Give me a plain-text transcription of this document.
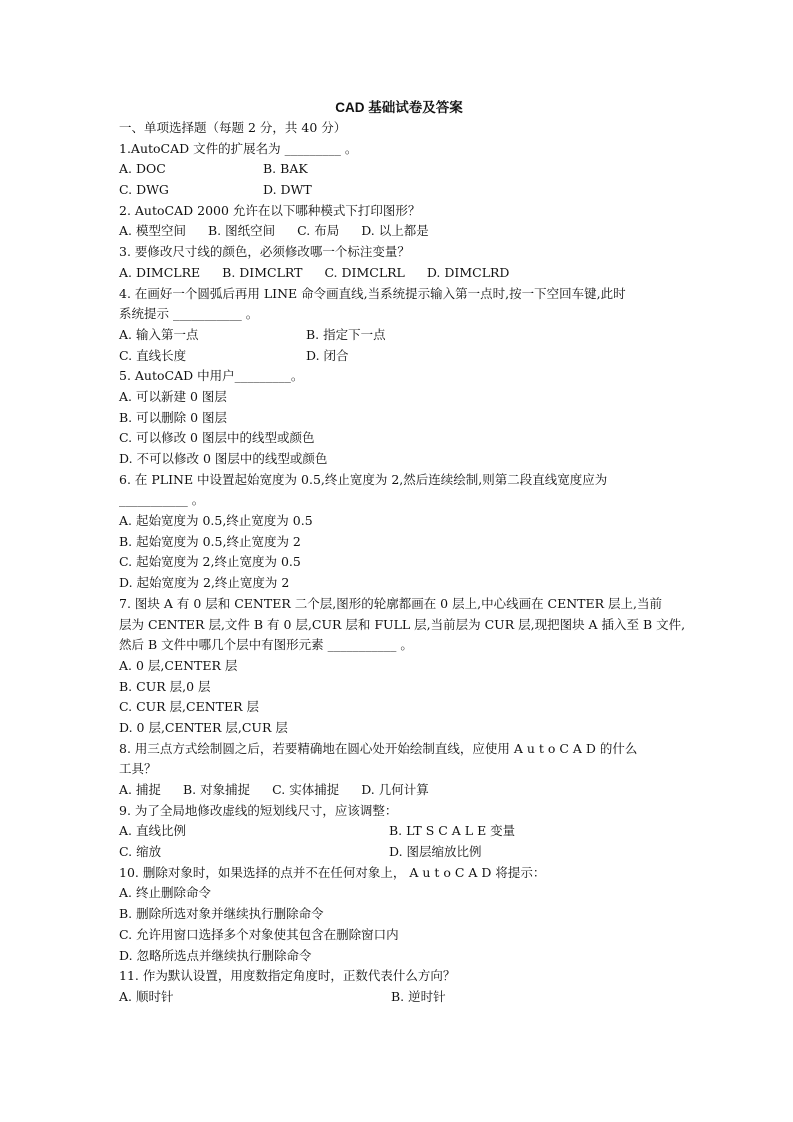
CAD 基础试卷及答案
一、单项选择题（每题 2 分，共 40 分）
1.AutoCAD 文件的扩展名为 _________ 。
A. DOC	B. BAK
C. DWG	D. DWT
2. AutoCAD 2000 允许在以下哪种模式下打印图形？
A. 模型空间 B. 图纸空间 C. 布局 D. 以上都是
3. 要修改尺寸线的颜色，必须修改哪一个标注变量？
A. DIMCLRE B. DIMCLRT C. DIMCLRL D. DIMCLRD
4. 在画好一个圆弧后再用 LINE 命令画直线,当系统提示输入第一点时,按一下空回车键,此时
系统提示 ___________ 。
A. 输入第一点	B. 指定下一点
C. 直线长度	D. 闭合
5. AutoCAD 中用户_________。
A. 可以新建 0 图层
B. 可以删除 0 图层
C. 可以修改 0 图层中的线型或颜色
D. 不可以修改 0 图层中的线型或颜色
6. 在 PLINE 中设置起始宽度为 0.5,终止宽度为 2,然后连续绘制,则第二段直线宽度应为
___________ 。
A. 起始宽度为 0.5,终止宽度为 0.5
B. 起始宽度为 0.5,终止宽度为 2
C. 起始宽度为 2,终止宽度为 0.5
D. 起始宽度为 2,终止宽度为 2
7. 图块 A 有 0 层和 CENTER 二个层,图形的轮廓都画在 0 层上,中心线画在 CENTER 层上,当前
层为 CENTER 层,文件 B 有 0 层,CUR 层和 FULL 层,当前层为 CUR 层,现把图块 A 插入至 B 文件,
然后 B 文件中哪几个层中有图形元素 ___________ 。
A. 0 层,CENTER 层
B. CUR 层,0 层
C. CUR 层,CENTER 层
D. 0 层,CENTER 层,CUR 层
8. 用三点方式绘制圆之后，若要精确地在圆心处开始绘制直线，应使用 A u t o C A D 的什么
工具？
A. 捕捉 B. 对象捕捉 C. 实体捕捉 D. 几何计算
9. 为了全局地修改虚线的短划线尺寸，应该调整：
A. 直线比例	B. LT S C A L E 变量
C. 缩放	D. 图层缩放比例
10. 删除对象时，如果选择的点并不在任何对象上， A u t o C A D 将提示：
A. 终止删除命令
B. 删除所选对象并继续执行删除命令
C. 允许用窗口选择多个对象使其包含在删除窗口内
D. 忽略所选点并继续执行删除命令
11. 作为默认设置，用度数指定角度时，正数代表什么方向？
A. 顺时针	B. 逆时针
